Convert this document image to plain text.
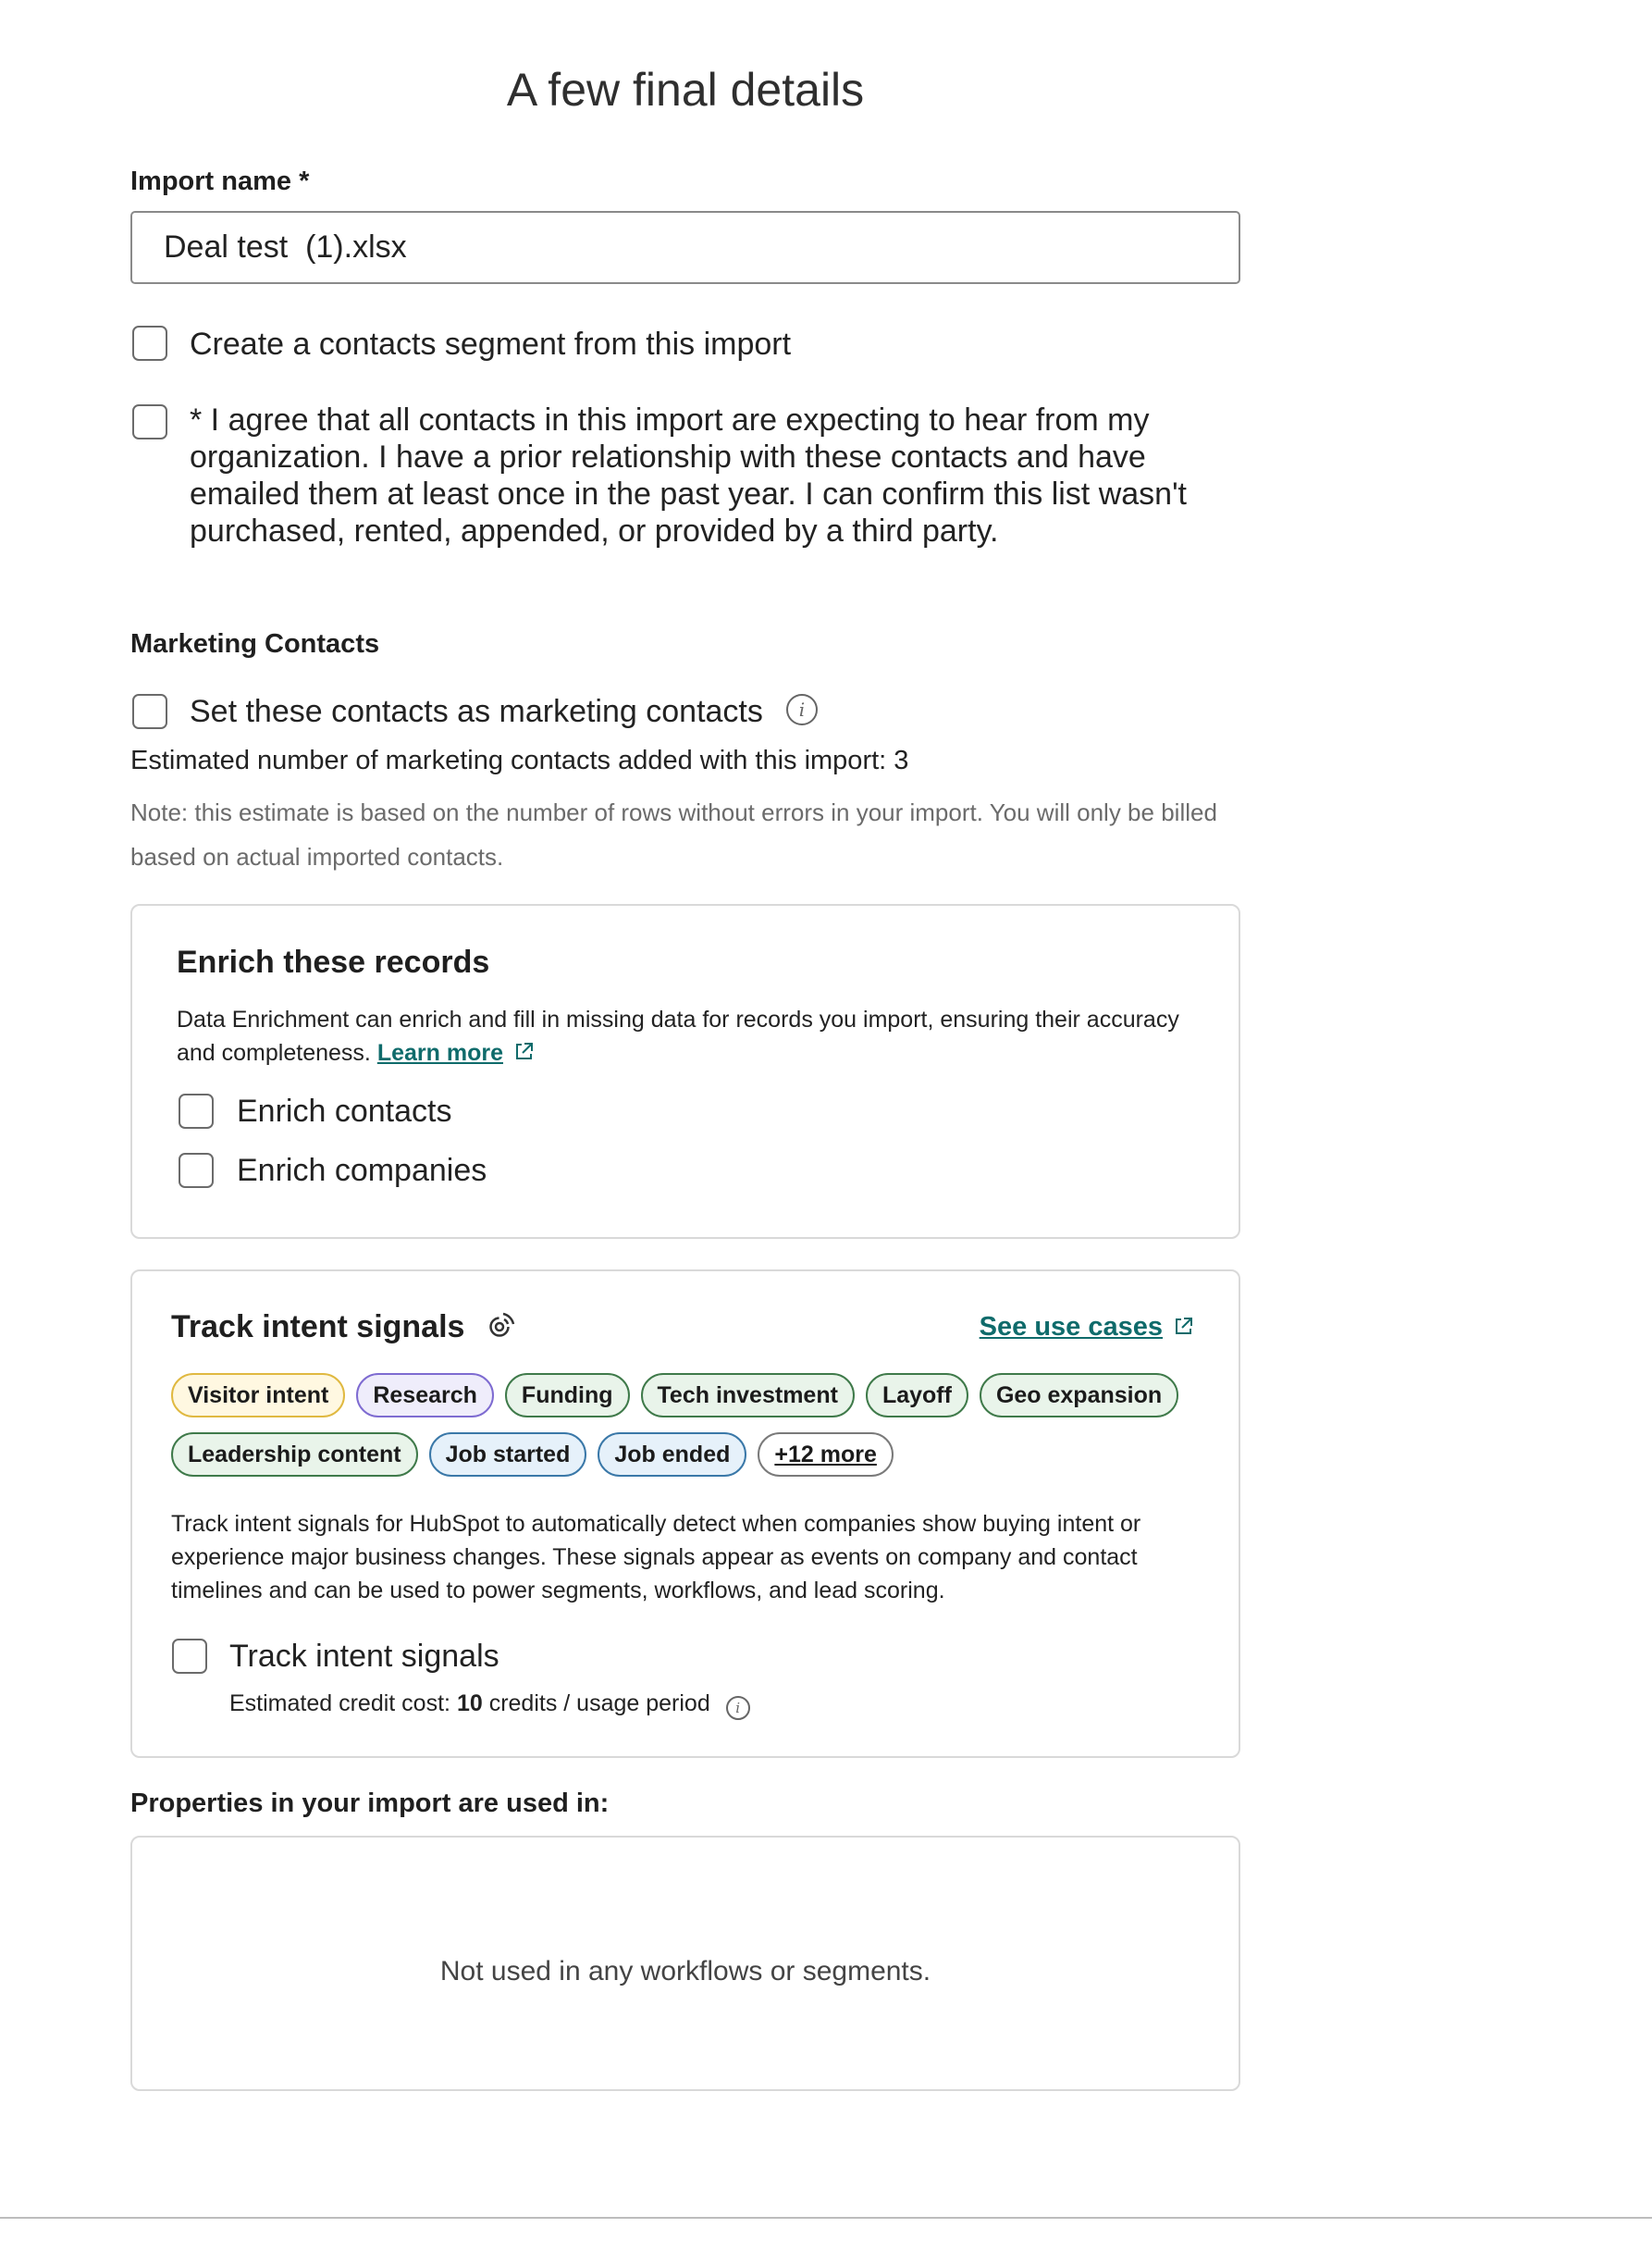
A few final details
Import name *
Deal test (1).xlsx
Create a contacts segment from this import
* I agree that all contacts in this import are expecting to hear from my organization. I have a prior relationship with these contacts and have emailed them at least once in the past year. I can confirm this list wasn't purchased, rented, appended, or provided by a third party.
Marketing Contacts
Set these contacts as marketing contacts	i
Estimated number of marketing contacts added with this import: 3
Note: this estimate is based on the number of rows without errors in your import. You will only be billed based on actual imported contacts.
Enrich these records
Data Enrichment can enrich and fill in missing data for records you import, ensuring their accuracy and completeness. Learn more
Enrich contacts
Enrich companies
Track intent signals	See use cases
Visitor intent Research Funding Tech investment Layoff Geo expansion
Leadership content Job started Job ended +12 more
Track intent signals for HubSpot to automatically detect when companies show buying intent or experience major business changes. These signals appear as events on company and contact timelines and can be used to power segments, workflows, and lead scoring.
Track intent signals
Estimated credit cost: 10 credits / usage period i
Properties in your import are used in:
Not used in any workflows or segments.
